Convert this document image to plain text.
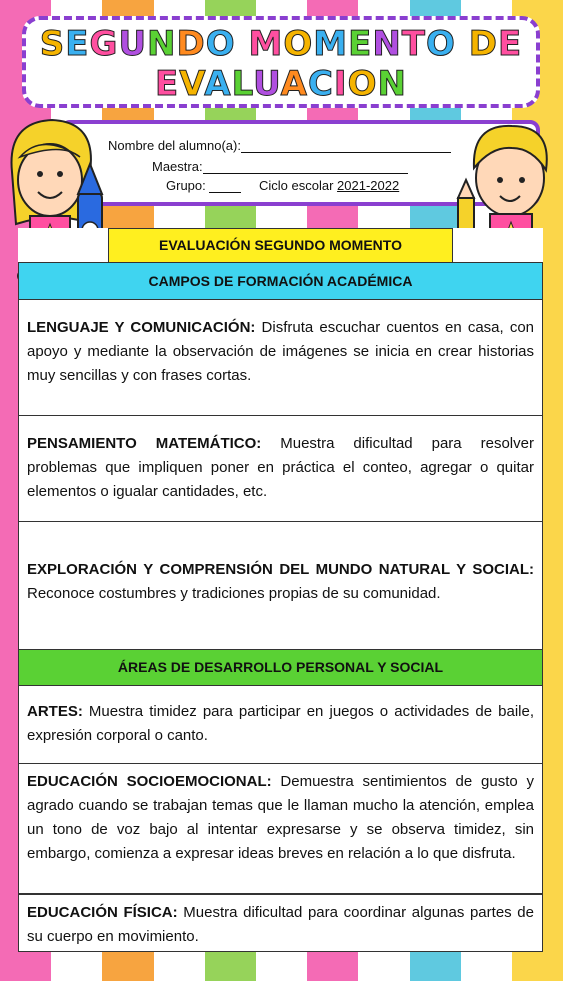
SEGUNDO MOMENTO DE
EVALUACION
Nombre del alumno(a):
Maestra:
Grupo:	Ciclo escolar 2021-2022
EVALUACIÓN SEGUNDO MOMENTO
CAMPOS DE FORMACIÓN ACADÉMICA
LENGUAJE Y COMUNICACIÓN: Disfruta escuchar cuentos en casa, con apoyo y mediante la observación de imágenes se inicia en crear historias muy sencillas y con frases cortas.
PENSAMIENTO MATEMÁTICO: Muestra dificultad para resolver problemas que impliquen poner en práctica el conteo, agregar o quitar elementos o igualar cantidades, etc.
EXPLORACIÓN Y COMPRENSIÓN DEL MUNDO NATURAL Y SOCIAL: Reconoce costumbres y tradiciones propias de su comunidad.
ÁREAS DE DESARROLLO PERSONAL Y SOCIAL
ARTES: Muestra timidez para participar en juegos o actividades de baile, expresión corporal o canto.
EDUCACIÓN SOCIOEMOCIONAL: Demuestra sentimientos de gusto y agrado cuando se trabajan temas que le llaman mucho la atención, emplea un tono de voz bajo al intentar expresarse y se observa timidez, sin embargo, comienza a expresar ideas breves en relación a lo que disfruta.
EDUCACIÓN FÍSICA: Muestra dificultad para coordinar algunas partes de su cuerpo en movimiento.
